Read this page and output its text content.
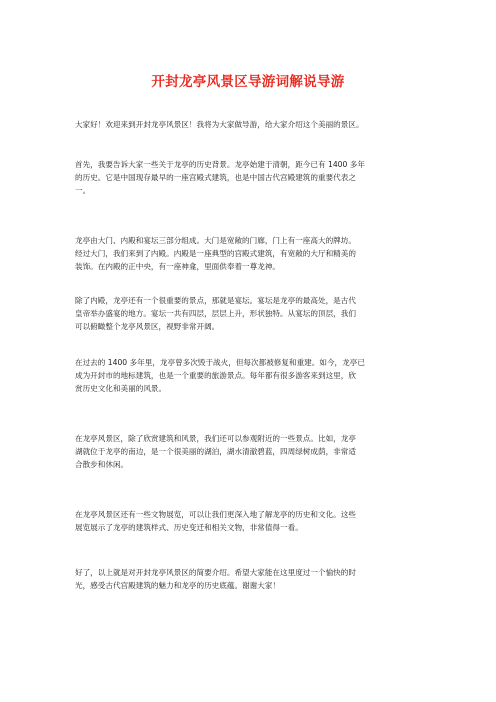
开封龙亭风景区导游词解说导游
大家好！欢迎来到开封龙亭风景区！我将为大家做导游，给大家介绍这个美丽的景区。
首先，我要告诉大家一些关于龙亭的历史背景。龙亭始建于清朝，距今已有 1400 多年
的历史。它是中国现存最早的一座宫殿式建筑，也是中国古代宫殿建筑的重要代表之
一。
龙亭由大门、内殿和宴坛三部分组成。大门是宽敞的门廊，门上有一座高大的牌坊。
经过大门，我们来到了内殿。内殿是一座典型的宫殿式建筑，有宽敞的大厅和精美的
装饰。在内殿的正中央，有一座神龛，里面供奉着一尊龙神。
除了内殿，龙亭还有一个很重要的景点，那就是宴坛。宴坛是龙亭的最高处，是古代
皇帝举办盛宴的地方。宴坛一共有四层，层层上升，形状独特。从宴坛的顶层，我们
可以俯瞰整个龙亭风景区，视野非常开阔。
在过去的 1400 多年里，龙亭曾多次毁于战火，但每次都被修复和重建。如今，龙亭已
成为开封市的地标建筑，也是一个重要的旅游景点。每年都有很多游客来到这里，欣
赏历史文化和美丽的风景。
在龙亭风景区，除了欣赏建筑和风景，我们还可以参观附近的一些景点。比如，龙亭
湖就位于龙亭的南边，是一个很美丽的湖泊，湖水清澈碧蓝，四周绿树成荫，非常适
合散步和休闲。
在龙亭风景区还有一些文物展览，可以让我们更深入地了解龙亭的历史和文化。这些
展览展示了龙亭的建筑样式、历史变迁和相关文物，非常值得一看。
好了，以上就是对开封龙亭风景区的简要介绍。希望大家能在这里度过一个愉快的时
光，感受古代宫殿建筑的魅力和龙亭的历史底蕴。谢谢大家！
